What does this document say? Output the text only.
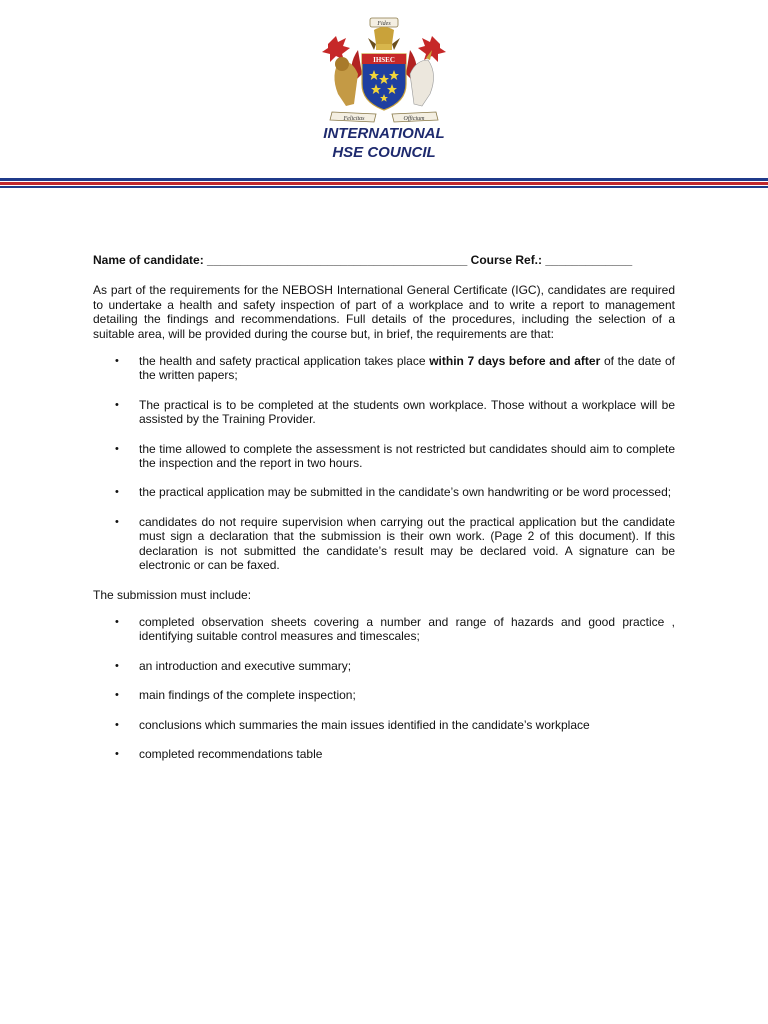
Fides
IHSEC
Felicitas	Officium
INTERNATIONAL
HSE COUNCIL
Name of candidate: _______________________________________ Course Ref.: _____________

As part of the requirements for the NEBOSH International General Certificate (IGC), candidates are required to undertake a health and safety inspection of part of a workplace and to write a report to management detailing the findings and recommendations. Full details of the procedures, including the selection of a suitable area, will be provided during the course but, in brief, the requirements are that:

• the health and safety practical application takes place within 7 days before and after of the date of the written papers;
• The practical is to be completed at the students own workplace. Those without a workplace will be assisted by the Training Provider.
• the time allowed to complete the assessment is not restricted but candidates should aim to complete the inspection and the report in two hours.
• the practical application may be submitted in the candidate’s own handwriting or be word processed;
• candidates do not require supervision when carrying out the practical application but the candidate must sign a declaration that the submission is their own work. (Page 2 of this document). If this declaration is not submitted the candidate’s result may be declared void. A signature can be electronic or can be faxed.

The submission must include:

• completed observation sheets covering a number and range of hazards and good practice , identifying suitable control measures and timescales;
• an introduction and executive summary;
• main findings of the complete inspection;
• conclusions which summaries the main issues identified in the candidate’s workplace
• completed recommendations table
